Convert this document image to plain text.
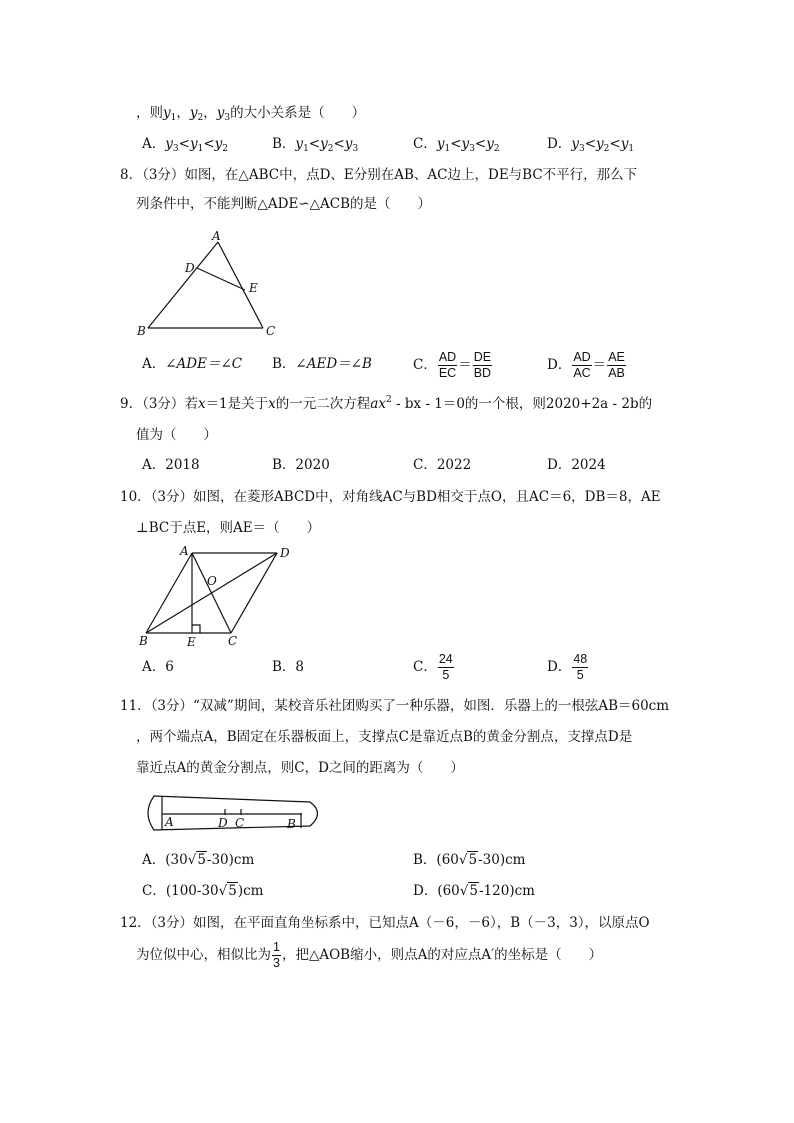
，则$y_1$，$y_2$，$y_3$的大小关系是（　　）
A．$y_3<y_1<y_2$	B．$y_1<y_2<y_3$	C．$y_1<y_3<y_2$	D．$y_3<y_2<y_1$
8．（3分）如图，在△ABC中，点D、E分别在AB、AC边上，DE与BC不平行，那么下
列条件中，不能判断△ADE∽△ACB的是（　　）
A
D
E
B	C
A．∠ADE＝∠C B．∠AED＝∠B	C． $\frac{AD}{EC} = \frac{DE}{BD}$	D． $\frac{AD}{AC} = \frac{AE}{AB}$
9．（3分）若x＝1是关于x的一元二次方程$ax^2$ - bx - 1＝0的一个根，则2020+2a - 2b的
值为（　　）
A．2018	B．2020	C．2022	D．2024
10．（3分）如图，在菱形ABCD中，对角线AC与BD相交于点O，且AC＝6，DB＝8，AE
⊥BC于点E，则AE＝（　　）
A	D
O
B	E	C
A．6	B．8	C． $\frac{24}{5}$	D． $\frac{48}{5}$
11．（3分）“双减”期间，某校音乐社团购买了一种乐器，如图．乐器上的一根弦AB＝60cm
，两个端点A，B固定在乐器板面上，支撑点C是靠近点B的黄金分割点，支撑点D是
靠近点A的黄金分割点，则C，D之间的距离为（　　）
A	D C	B
A．(30√5-30)cm	B．(60√5-30)cm
C．(100-30√5)cm	D．(60√5-120)cm
12．（3分）如图，在平面直角坐标系中，已知点A（－6，－6），B（－3，3），以原点O
为位似中心，相似比为 $\frac{1}{3}$ ，把△AOB缩小，则点A的对应点A′的坐标是（　　）
